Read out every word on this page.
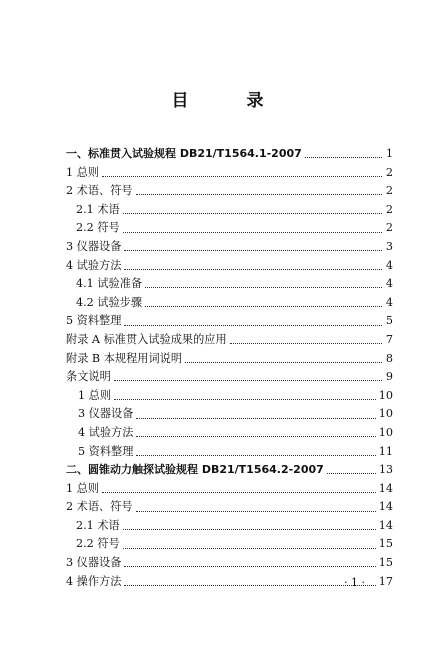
目 录
一、标准贯入试验规程 DB21/T1564.1-2007	1
1 总则	2
2 术语、符号	2
2.1 术语	2
2.2 符号	2
3 仪器设备	3
4 试验方法	4
4.1 试验准备	4
4.2 试验步骤	4
5 资料整理	5
附录 A 标准贯入试验成果的应用	7
附录 B 本规程用词说明	8
条文说明	9
1 总则	10
3 仪器设备	10
4 试验方法	10
5 资料整理	11
二、圆锥动力触探试验规程 DB21/T1564.2-2007	13
1 总则	14
2 术语、符号	14
2.1 术语	14
2.2 符号	15
3 仪器设备	15
4 操作方法	17
· 1 ·
